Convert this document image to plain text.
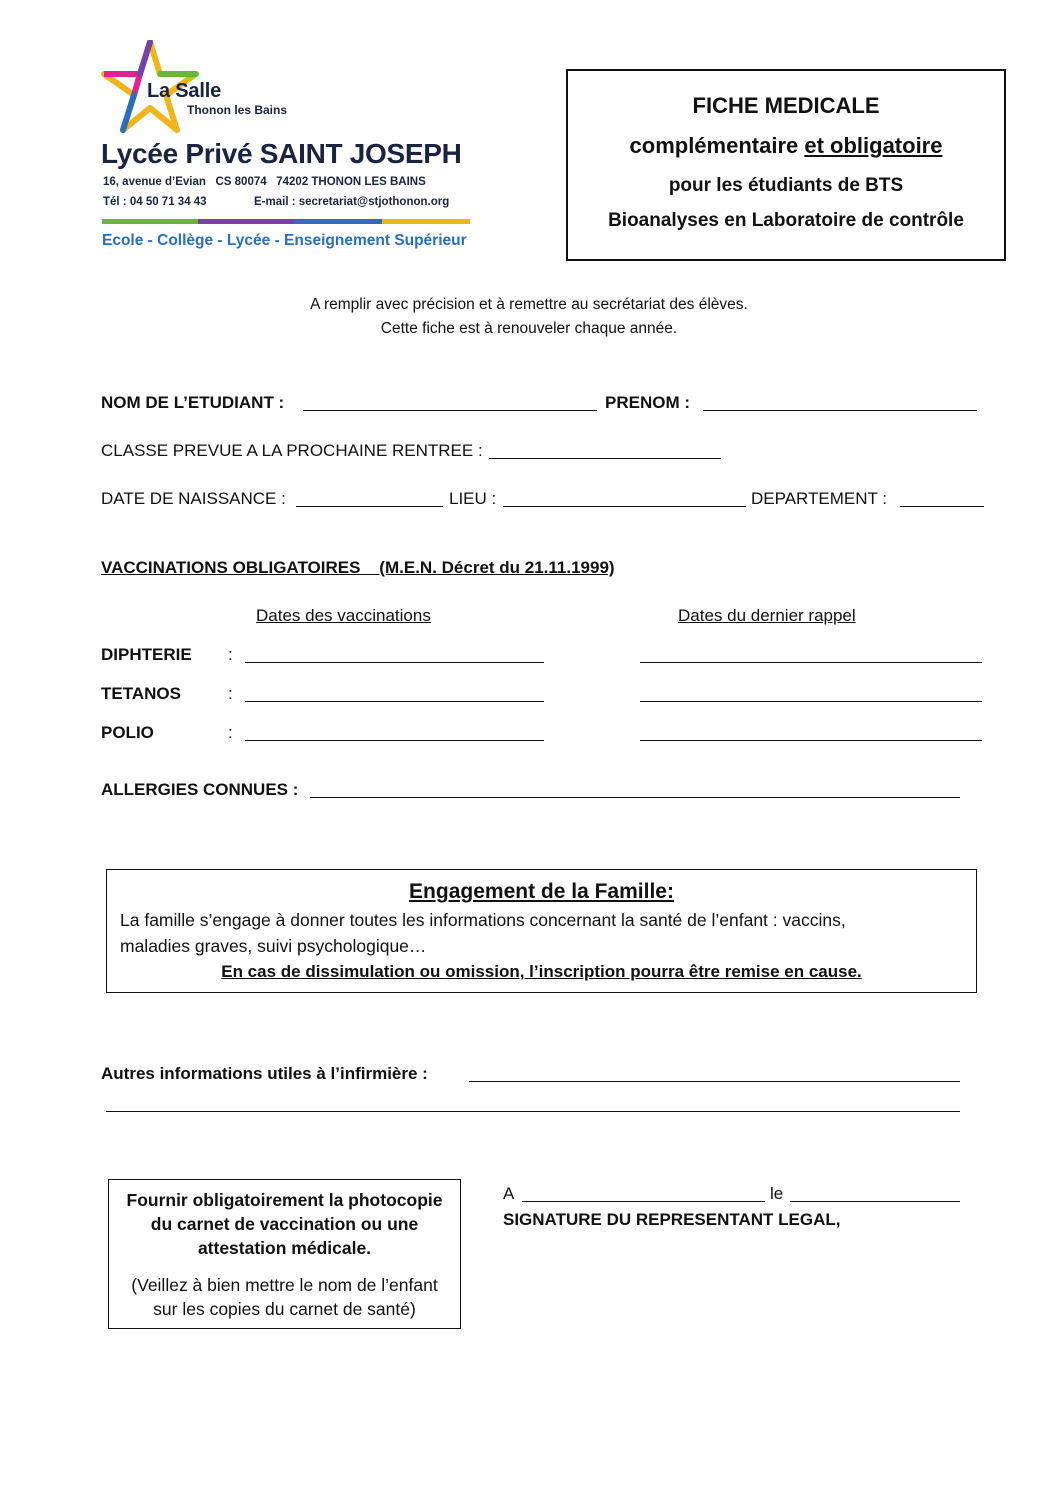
La Salle
Thonon les Bains
Lycée Privé SAINT JOSEPH
16, avenue d’Evian   CS 80074   74202 THONON LES BAINS
Tél : 04 50 71 34 43	E-mail : secretariat@stjothonon.org
Ecole - Collège - Lycée - Enseignement Supérieur
FICHE MEDICALE
complémentaire et obligatoire
pour les étudiants de BTS
Bioanalyses en Laboratoire de contrôle
A remplir avec précision et à remettre au secrétariat des élèves.
Cette fiche est à renouveler chaque année.
NOM DE L’ETUDIANT :	PRENOM :
CLASSE PREVUE A LA PROCHAINE RENTREE :
DATE DE NAISSANCE :	LIEU :	DEPARTEMENT :
VACCINATIONS OBLIGATOIRES    (M.E.N. Décret du 21.11.1999)
Dates des vaccinations	Dates du dernier rappel
DIPHTERIE :
TETANOS	:
POLIO	:
ALLERGIES CONNUES :
Engagement de la Famille:
La famille s’engage à donner toutes les informations concernant la santé de l’enfant : vaccins,
maladies graves, suivi psychologique…
En cas de dissimulation ou omission, l’inscription pourra être remise en cause.
Autres informations utiles à l’infirmière :
Fournir obligatoirement la photocopie
du carnet de vaccination ou une
attestation médicale.
(Veillez à bien mettre le nom de l’enfant
sur les copies du carnet de santé)
A	le
SIGNATURE DU REPRESENTANT LEGAL,
